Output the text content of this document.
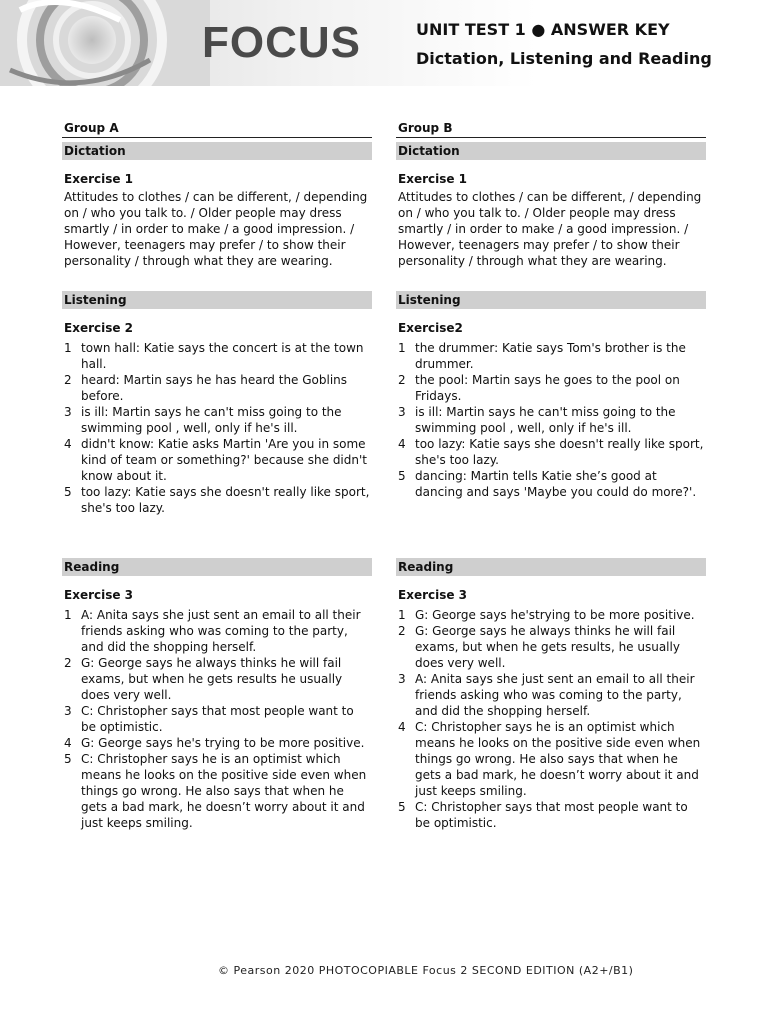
FOCUS	UNIT TEST 1 ● ANSWER KEY
Dictation, Listening and Reading
Group A
Dictation
Exercise 1
Attitudes to clothes / can be different, / depending on / who you talk to. / Older people may dress smartly / in order to make / a good impression. / However, teenagers may prefer / to show their personality / through what they are wearing.
Listening
Exercise 2
1 town hall: Katie says the concert is at the town hall.
2 heard: Martin says he has heard the Goblins before.
3 is ill: Martin says he can't miss going to the swimming pool , well, only if he's ill.
4 didn't know: Katie asks Martin 'Are you in some kind of team or something?' because she didn't know about it.
5 too lazy: Katie says she doesn't really like sport, she's too lazy.
Reading
Exercise 3
1 A: Anita says she just sent an email to all their friends asking who was coming to the party, and did the shopping herself.
2 G: George says he always thinks he will fail exams, but when he gets results he usually does very well.
3 C: Christopher says that most people want to be optimistic.
4 G: George says he's trying to be more positive.
5 C: Christopher says he is an optimist which means he looks on the positive side even when things go wrong. He also says that when he gets a bad mark, he doesn’t worry about it and just keeps smiling.
Group B
Dictation
Exercise 1
Attitudes to clothes / can be different, / depending on / who you talk to. / Older people may dress smartly / in order to make / a good impression. / However, teenagers may prefer / to show their personality / through what they are wearing.
Listening
Exercise2
1 the drummer: Katie says Tom's brother is the drummer.
2 the pool: Martin says he goes to the pool on Fridays.
3 is ill: Martin says he can't miss going to the swimming pool , well, only if he's ill.
4 too lazy: Katie says she doesn't really like sport, she's too lazy.
5 dancing: Martin tells Katie she’s good at dancing and says 'Maybe you could do more?'.
Reading
Exercise 3
1 G: George says he'strying to be more positive.
2 G: George says he always thinks he will fail exams, but when he gets results, he usually does very well.
3 A: Anita says she just sent an email to all their friends asking who was coming to the party, and did the shopping herself.
4 C: Christopher says he is an optimist which means he looks on the positive side even when things go wrong. He also says that when he gets a bad mark, he doesn’t worry about it and just keeps smiling.
5 C: Christopher says that most people want to be optimistic.
© Pearson 2020 PHOTOCOPIABLE Focus 2 SECOND EDITION (A2+/B1)
